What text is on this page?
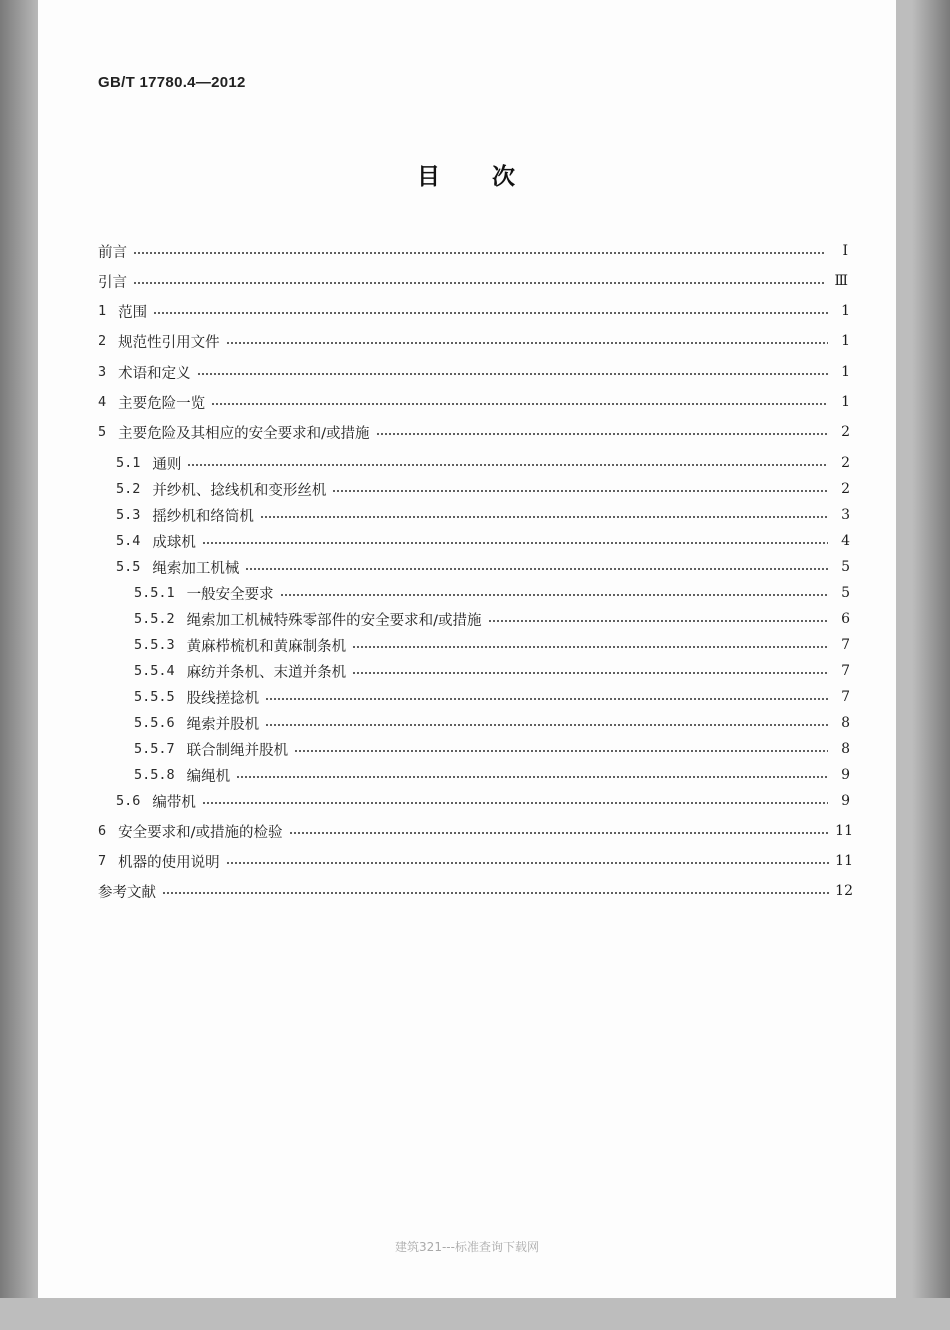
GB/T 17780.4—2012
目　　次
前言	Ⅰ
引言	Ⅲ
1 范围	1
2 规范性引用文件	1
3 术语和定义	1
4 主要危险一览	1
5 主要危险及其相应的安全要求和/或措施	2
5.1 通则	2
5.2 并纱机、捻线机和变形丝机	2
5.3 摇纱机和络筒机	3
5.4 成球机	4
5.5 绳索加工机械	5
5.5.1 一般安全要求	5
5.5.2 绳索加工机械特殊零部件的安全要求和/或措施	6
5.5.3 黄麻栉梳机和黄麻制条机	7
5.5.4 麻纺并条机、末道并条机	7
5.5.5 股线搓捻机	7
5.5.6 绳索并股机	8
5.5.7 联合制绳并股机	8
5.5.8 编绳机	9
5.6 编带机	9
6 安全要求和/或措施的检验	11
7 机器的使用说明	11
参考文献	12
建筑321---标准查询下载网
